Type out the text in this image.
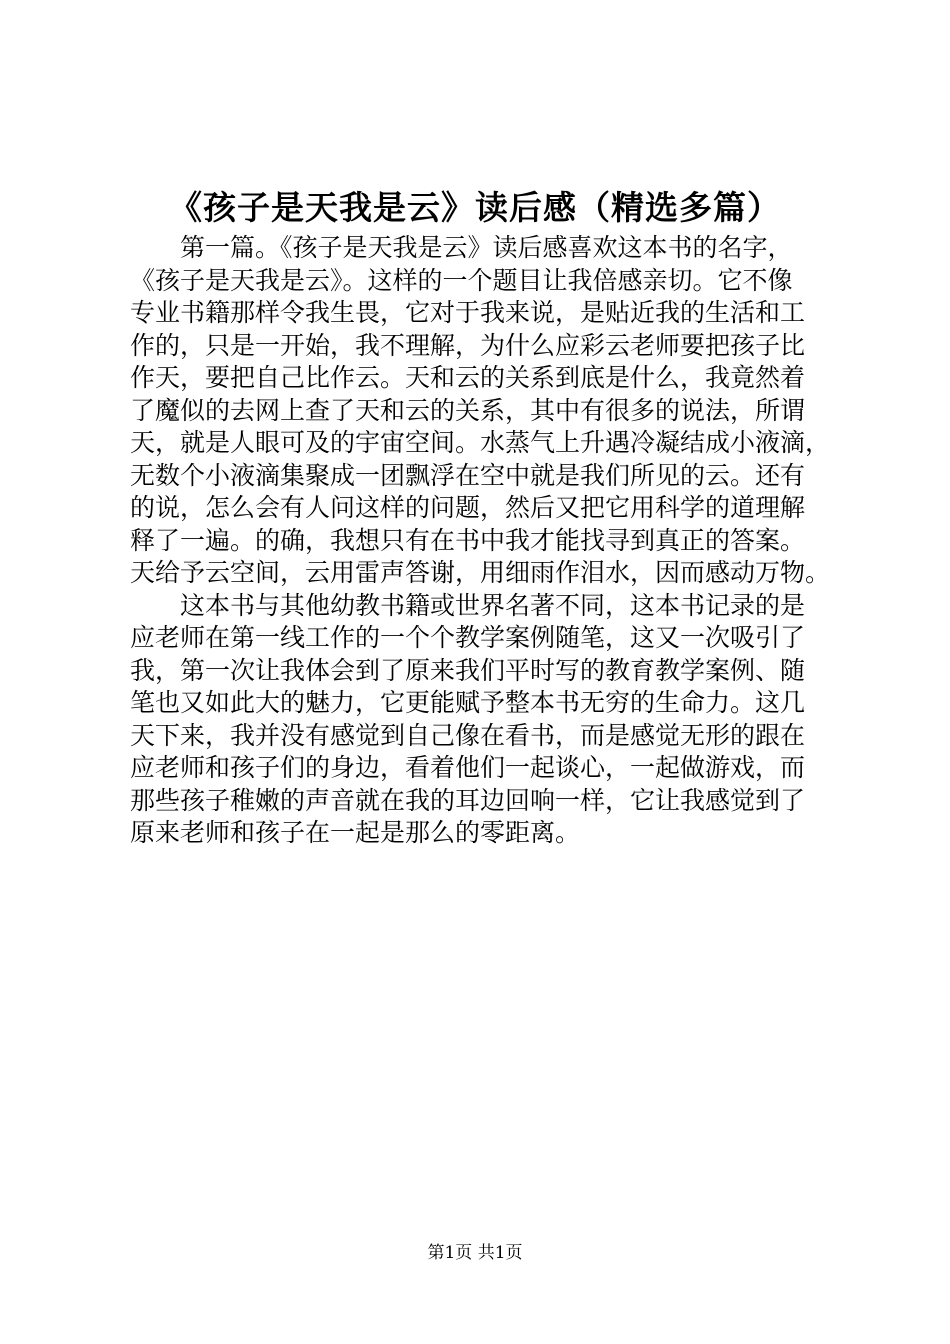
《孩子是天我是云》读后感（精选多篇）
第一篇。《孩子是天我是云》读后感喜欢这本书的名字，
《孩子是天我是云》。这样的一个题目让我倍感亲切。它不像
专业书籍那样令我生畏，它对于我来说，是贴近我的生活和工
作的，只是一开始，我不理解，为什么应彩云老师要把孩子比
作天，要把自己比作云。天和云的关系到底是什么，我竟然着
了魔似的去网上查了天和云的关系，其中有很多的说法，所谓
天，就是人眼可及的宇宙空间。水蒸气上升遇冷凝结成小液滴，
无数个小液滴集聚成一团飘浮在空中就是我们所见的云。还有
的说，怎么会有人问这样的问题，然后又把它用科学的道理解
释了一遍。的确，我想只有在书中我才能找寻到真正的答案。
天给予云空间，云用雷声答谢，用细雨作泪水，因而感动万物。
这本书与其他幼教书籍或世界名著不同，这本书记录的是
应老师在第一线工作的一个个教学案例随笔，这又一次吸引了
我，第一次让我体会到了原来我们平时写的教育教学案例、随
笔也又如此大的魅力，它更能赋予整本书无穷的生命力。这几
天下来，我并没有感觉到自己像在看书，而是感觉无形的跟在
应老师和孩子们的身边，看着他们一起谈心，一起做游戏，而
那些孩子稚嫩的声音就在我的耳边回响一样，它让我感觉到了
原来老师和孩子在一起是那么的零距离。
第1页 共1页
